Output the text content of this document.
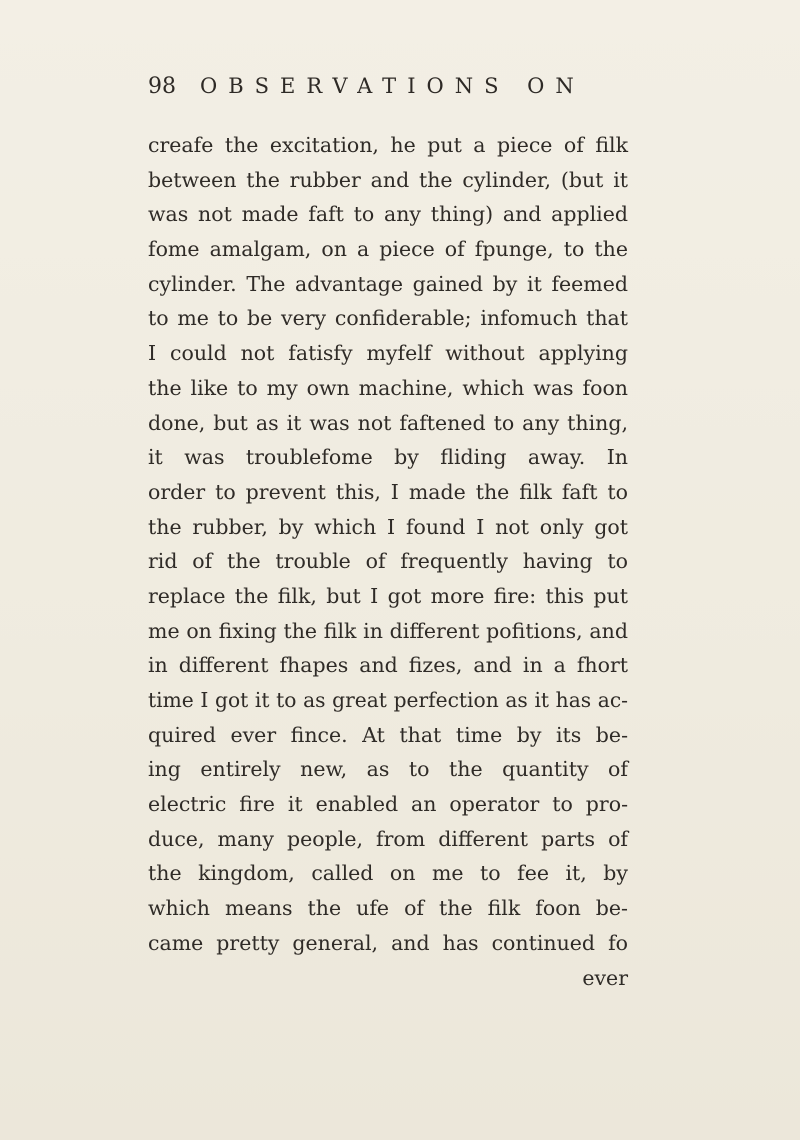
98 OBSERVATIONS ON
creafe the excitation, he put a piece of filk
between the rubber and the cylinder, (but it
was not made faft to any thing) and applied
fome amalgam, on a piece of fpunge, to the
cylinder. The advantage gained by it feemed
to me to be very confiderable; infomuch that
I could not fatisfy myfelf without applying
the like to my own machine, which was foon
done, but as it was not faftened to any thing,
it was troublefome by fliding away. In
order to prevent this, I made the filk faft to
the rubber, by which I found I not only got
rid of the trouble of frequently having to
replace the filk, but I got more fire: this put
me on fixing the filk in different pofitions, and
in different fhapes and fizes, and in a fhort
time I got it to as great perfection as it has ac-
quired ever fince. At that time by its be-
ing entirely new, as to the quantity of
electric fire it enabled an operator to pro-
duce, many people, from different parts of
the kingdom, called on me to fee it, by
which means the ufe of the filk foon be-
came pretty general, and has continued fo
ever
